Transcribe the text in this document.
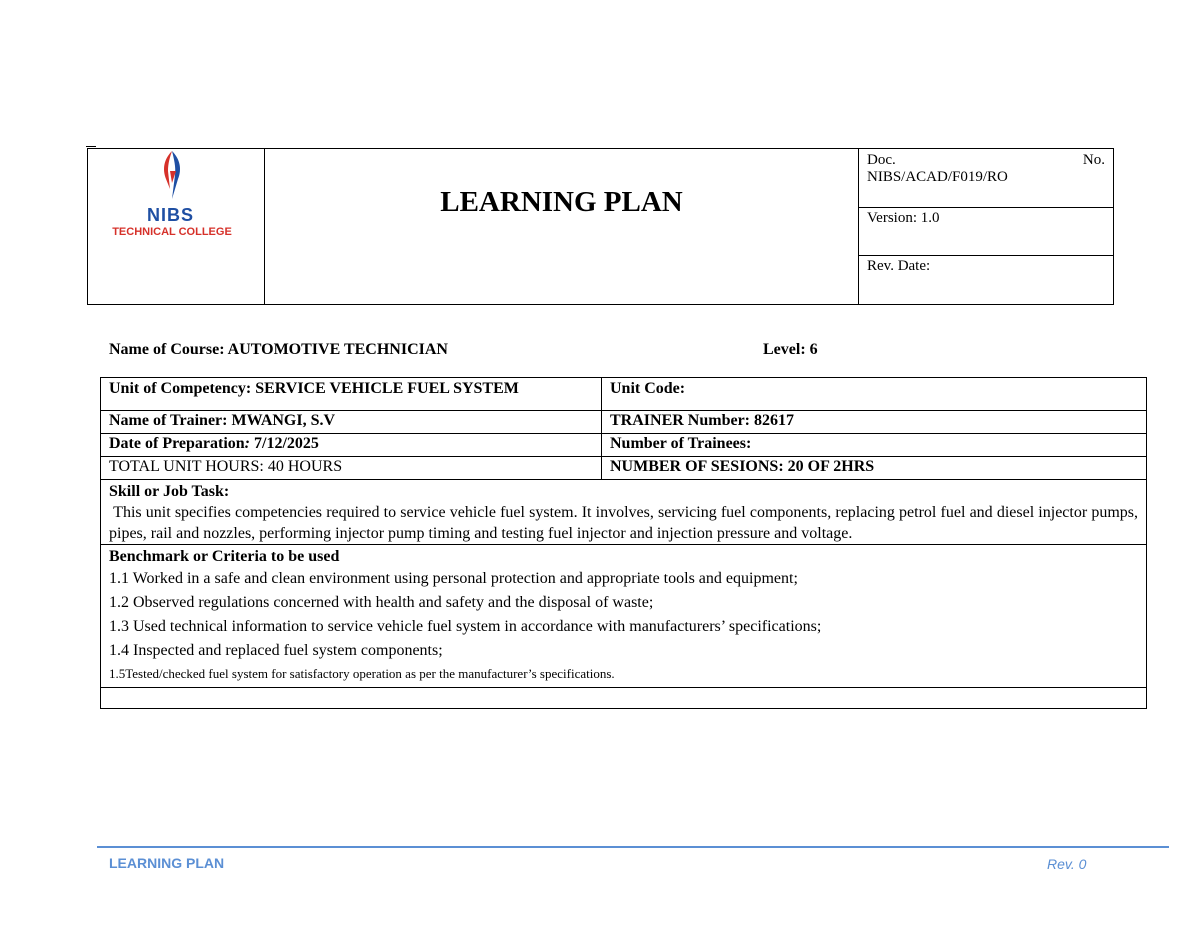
NIBS
TECHNICAL COLLEGE
LEARNING PLAN
Doc.	No.
NIBS/ACAD/F019/RO
Version: 1.0
Rev. Date:
Name of Course: AUTOMOTIVE TECHNICIAN	Level: 6
Unit of Competency: SERVICE VEHICLE FUEL SYSTEM	Unit Code:
Name of Trainer: MWANGI, S.V	TRAINER Number: 82617
Date of Preparation: 7/12/2025	Number of Trainees:
TOTAL UNIT HOURS: 40 HOURS	NUMBER OF SESIONS: 20 OF 2HRS
Skill or Job Task:
This unit specifies competencies required to service vehicle fuel system. It involves, servicing fuel components, replacing petrol fuel and diesel injector pumps, pipes, rail and nozzles, performing injector pump timing and testing fuel injector and injection pressure and voltage.
Benchmark or Criteria to be used
1.1 Worked in a safe and clean environment using personal protection and appropriate tools and equipment;
1.2 Observed regulations concerned with health and safety and the disposal of waste;
1.3 Used technical information to service vehicle fuel system in accordance with manufacturers’ specifications;
1.4 Inspected and replaced fuel system components;
1.5Tested/checked fuel system for satisfactory operation as per the manufacturer’s specifications.
LEARNING PLAN	Rev. 0
